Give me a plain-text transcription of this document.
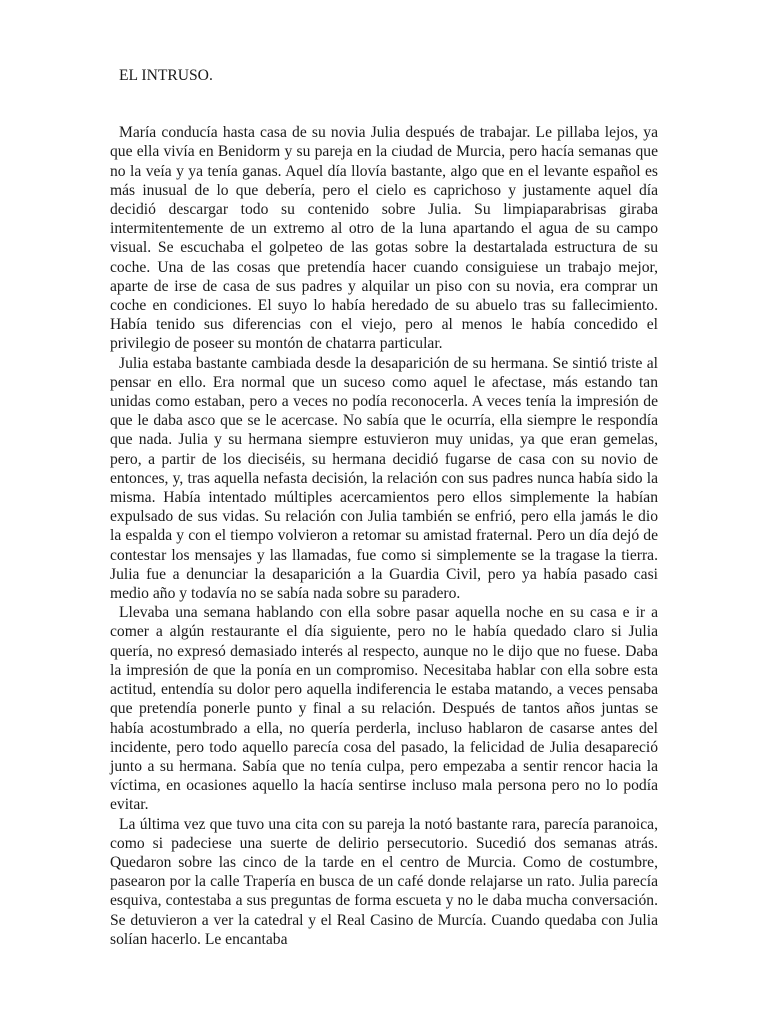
EL INTRUSO.

María conducía hasta casa de su novia Julia después de trabajar. Le pillaba lejos, ya que ella vivía en Benidorm y su pareja en la ciudad de Murcia, pero hacía semanas que no la veía y ya tenía ganas. Aquel día llovía bastante, algo que en el levante español es más inusual de lo que debería, pero el cielo es caprichoso y justamente aquel día decidió descargar todo su contenido sobre Julia. Su limpiaparabrisas giraba intermitentemente de un extremo al otro de la luna apartando el agua de su campo visual. Se escuchaba el golpeteo de las gotas sobre la destartalada estructura de su coche. Una de las cosas que pretendía hacer cuando consiguiese un trabajo mejor, aparte de irse de casa de sus padres y alquilar un piso con su novia, era comprar un coche en condiciones. El suyo lo había heredado de su abuelo tras su fallecimiento. Había tenido sus diferencias con el viejo, pero al menos le había concedido el privilegio de poseer su montón de chatarra particular.

Julia estaba bastante cambiada desde la desaparición de su hermana. Se sintió triste al pensar en ello. Era normal que un suceso como aquel le afectase, más estando tan unidas como estaban, pero a veces no podía reconocerla. A veces tenía la impresión de que le daba asco que se le acercase. No sabía que le ocurría, ella siempre le respondía que nada. Julia y su hermana siempre estuvieron muy unidas, ya que eran gemelas, pero, a partir de los dieciséis, su hermana decidió fugarse de casa con su novio de entonces, y, tras aquella nefasta decisión, la relación con sus padres nunca había sido la misma. Había intentado múltiples acercamientos pero ellos simplemente la habían expulsado de sus vidas. Su relación con Julia también se enfrió, pero ella jamás le dio la espalda y con el tiempo volvieron a retomar su amistad fraternal. Pero un día dejó de contestar los mensajes y las llamadas, fue como si simplemente se la tragase la tierra. Julia fue a denunciar la desaparición a la Guardia Civil, pero ya había pasado casi medio año y todavía no se sabía nada sobre su paradero.

Llevaba una semana hablando con ella sobre pasar aquella noche en su casa e ir a comer a algún restaurante el día siguiente, pero no le había quedado claro si Julia quería, no expresó demasiado interés al respecto, aunque no le dijo que no fuese. Daba la impresión de que la ponía en un compromiso. Necesitaba hablar con ella sobre esta actitud, entendía su dolor pero aquella indiferencia le estaba matando, a veces pensaba que pretendía ponerle punto y final a su relación. Después de tantos años juntas se había acostumbrado a ella, no quería perderla, incluso hablaron de casarse antes del incidente, pero todo aquello parecía cosa del pasado, la felicidad de Julia desapareció junto a su hermana. Sabía que no tenía culpa, pero empezaba a sentir rencor hacia la víctima, en ocasiones aquello la hacía sentirse incluso mala persona pero no lo podía evitar.

La última vez que tuvo una cita con su pareja la notó bastante rara, parecía paranoica, como si padeciese una suerte de delirio persecutorio. Sucedió dos semanas atrás. Quedaron sobre las cinco de la tarde en el centro de Murcia. Como de costumbre, pasearon por la calle Trapería en busca de un café donde relajarse un rato. Julia parecía esquiva, contestaba a sus preguntas de forma escueta y no le daba mucha conversación. Se detuvieron a ver la catedral y el Real Casino de Murcía. Cuando quedaba con Julia solían hacerlo. Le encantaba
